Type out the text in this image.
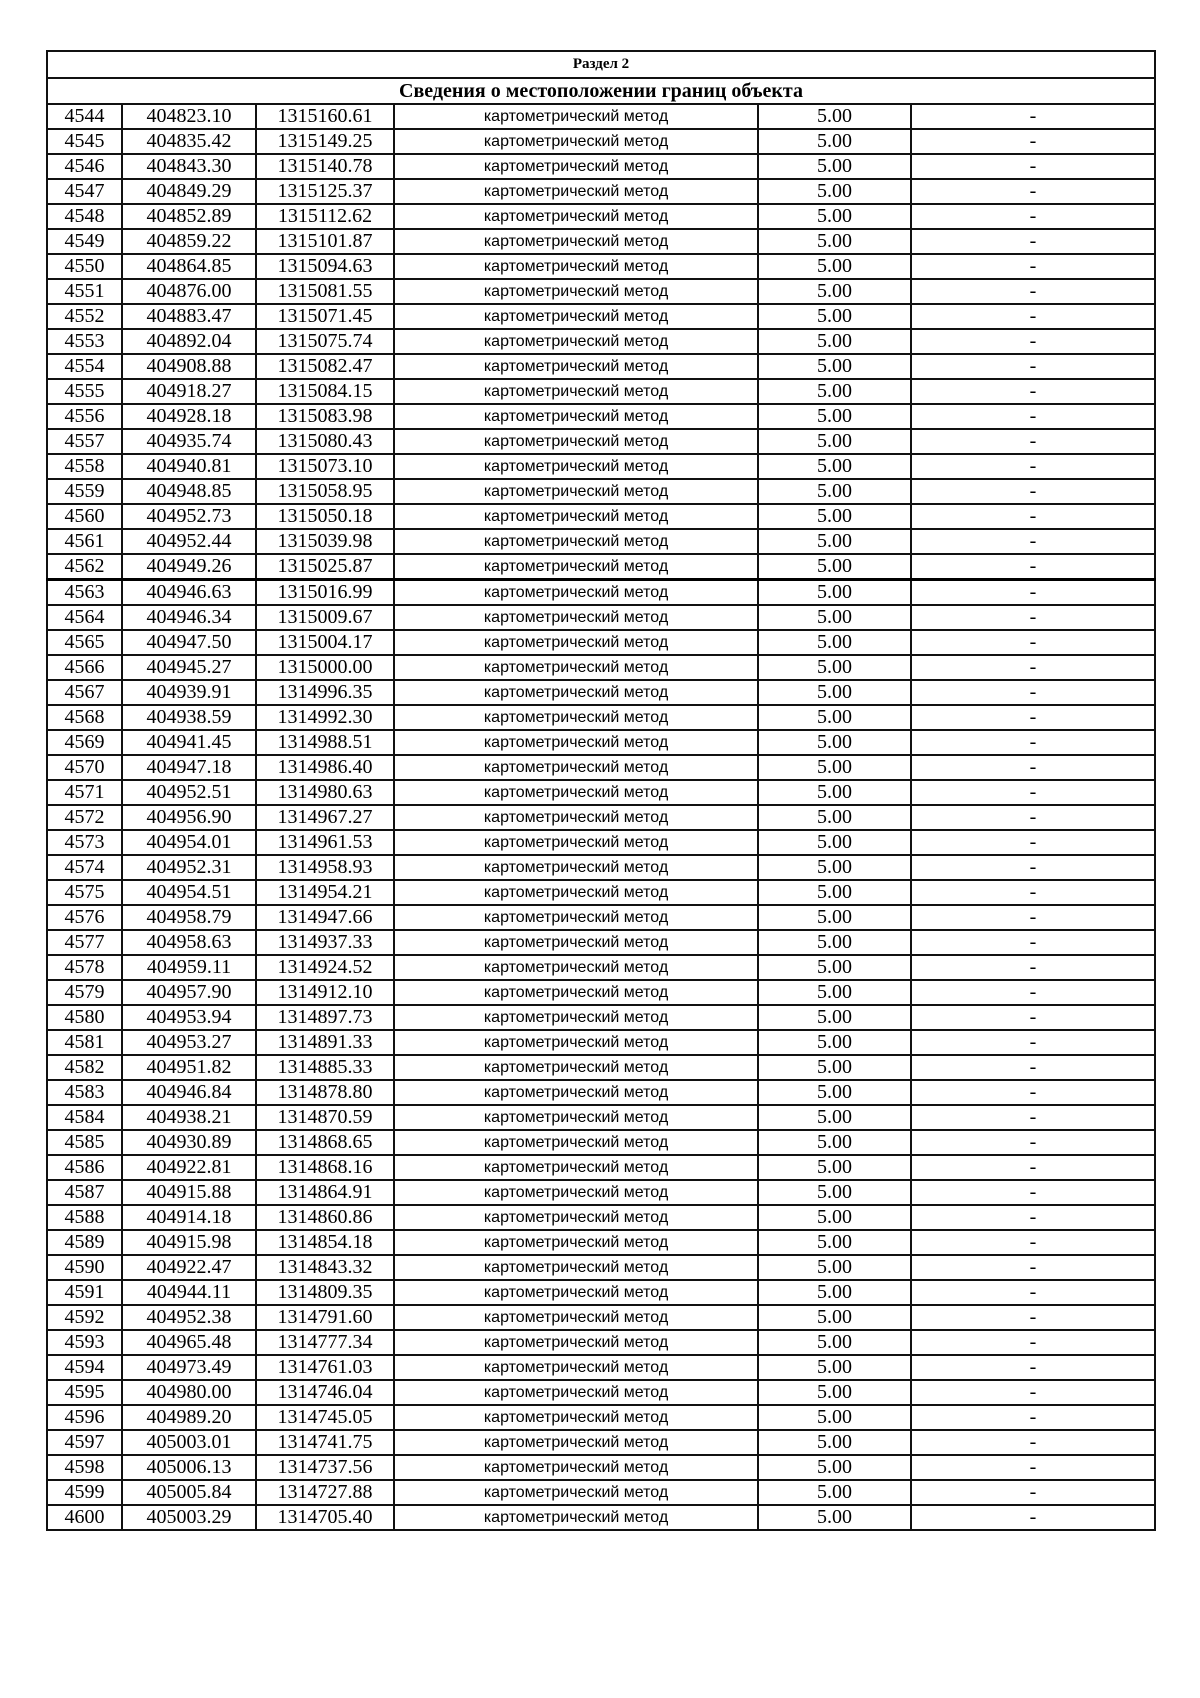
Раздел 2					
Сведения о местоположении границ объекта					
4544	404823.10	1315160.61	картометрический метод	5.00	-
4545	404835.42	1315149.25	картометрический метод	5.00	-
4546	404843.30	1315140.78	картометрический метод	5.00	-
4547	404849.29	1315125.37	картометрический метод	5.00	-
4548	404852.89	1315112.62	картометрический метод	5.00	-
4549	404859.22	1315101.87	картометрический метод	5.00	-
4550	404864.85	1315094.63	картометрический метод	5.00	-
4551	404876.00	1315081.55	картометрический метод	5.00	-
4552	404883.47	1315071.45	картометрический метод	5.00	-
4553	404892.04	1315075.74	картометрический метод	5.00	-
4554	404908.88	1315082.47	картометрический метод	5.00	-
4555	404918.27	1315084.15	картометрический метод	5.00	-
4556	404928.18	1315083.98	картометрический метод	5.00	-
4557	404935.74	1315080.43	картометрический метод	5.00	-
4558	404940.81	1315073.10	картометрический метод	5.00	-
4559	404948.85	1315058.95	картометрический метод	5.00	-
4560	404952.73	1315050.18	картометрический метод	5.00	-
4561	404952.44	1315039.98	картометрический метод	5.00	-
4562	404949.26	1315025.87	картометрический метод	5.00	-
4563	404946.63	1315016.99	картометрический метод	5.00	-
4564	404946.34	1315009.67	картометрический метод	5.00	-
4565	404947.50	1315004.17	картометрический метод	5.00	-
4566	404945.27	1315000.00	картометрический метод	5.00	-
4567	404939.91	1314996.35	картометрический метод	5.00	-
4568	404938.59	1314992.30	картометрический метод	5.00	-
4569	404941.45	1314988.51	картометрический метод	5.00	-
4570	404947.18	1314986.40	картометрический метод	5.00	-
4571	404952.51	1314980.63	картометрический метод	5.00	-
4572	404956.90	1314967.27	картометрический метод	5.00	-
4573	404954.01	1314961.53	картометрический метод	5.00	-
4574	404952.31	1314958.93	картометрический метод	5.00	-
4575	404954.51	1314954.21	картометрический метод	5.00	-
4576	404958.79	1314947.66	картометрический метод	5.00	-
4577	404958.63	1314937.33	картометрический метод	5.00	-
4578	404959.11	1314924.52	картометрический метод	5.00	-
4579	404957.90	1314912.10	картометрический метод	5.00	-
4580	404953.94	1314897.73	картометрический метод	5.00	-
4581	404953.27	1314891.33	картометрический метод	5.00	-
4582	404951.82	1314885.33	картометрический метод	5.00	-
4583	404946.84	1314878.80	картометрический метод	5.00	-
4584	404938.21	1314870.59	картометрический метод	5.00	-
4585	404930.89	1314868.65	картометрический метод	5.00	-
4586	404922.81	1314868.16	картометрический метод	5.00	-
4587	404915.88	1314864.91	картометрический метод	5.00	-
4588	404914.18	1314860.86	картометрический метод	5.00	-
4589	404915.98	1314854.18	картометрический метод	5.00	-
4590	404922.47	1314843.32	картометрический метод	5.00	-
4591	404944.11	1314809.35	картометрический метод	5.00	-
4592	404952.38	1314791.60	картометрический метод	5.00	-
4593	404965.48	1314777.34	картометрический метод	5.00	-
4594	404973.49	1314761.03	картометрический метод	5.00	-
4595	404980.00	1314746.04	картометрический метод	5.00	-
4596	404989.20	1314745.05	картометрический метод	5.00	-
4597	405003.01	1314741.75	картометрический метод	5.00	-
4598	405006.13	1314737.56	картометрический метод	5.00	-
4599	405005.84	1314727.88	картометрический метод	5.00	-
4600	405003.29	1314705.40	картометрический метод	5.00	-
